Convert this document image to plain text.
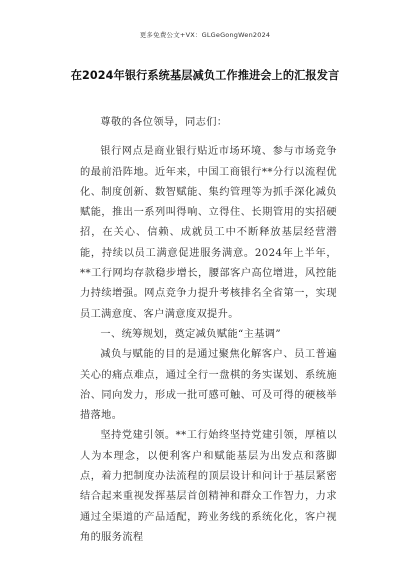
更多免费公文+VX：GLGeGongWen2024
在2024年银行系统基层减负工作推进会上的汇报发言

尊敬的各位领导，同志们：

银行网点是商业银行贴近市场环境、参与市场竞争的最前沿阵地。近年来，中国工商银行**分行以流程优化、制度创新、数智赋能、集约管理等为抓手深化减负赋能，推出一系列叫得响、立得住、长期管用的实招硬招，在关心、信赖、成就员工中不断释放基层经营潜能，持续以员工满意促进服务满意。2024年上半年，**工行网均存款稳步增长，腰部客户高位增进，风控能力持续增强。网点竞争力提升考核排名全省第一，实现员工满意度、客户满意度双提升。

一、统筹规划，奠定减负赋能“主基调”

减负与赋能的目的是通过聚焦化解客户、员工普遍关心的痛点难点，通过全行一盘棋的务实谋划、系统施治、同向发力，形成一批可感可触、可及可得的硬核举措落地。

坚持党建引领。**工行始终坚持党建引领，厚植以人为本理念，以便利客户和赋能基层为出发点和落脚点，着力把制度办法流程的顶层设计和问计于基层紧密结合起来重视发挥基层首创精神和群众工作智力，力求通过全渠道的产品适配，跨业务线的系统化化，客户视角的服务流程
